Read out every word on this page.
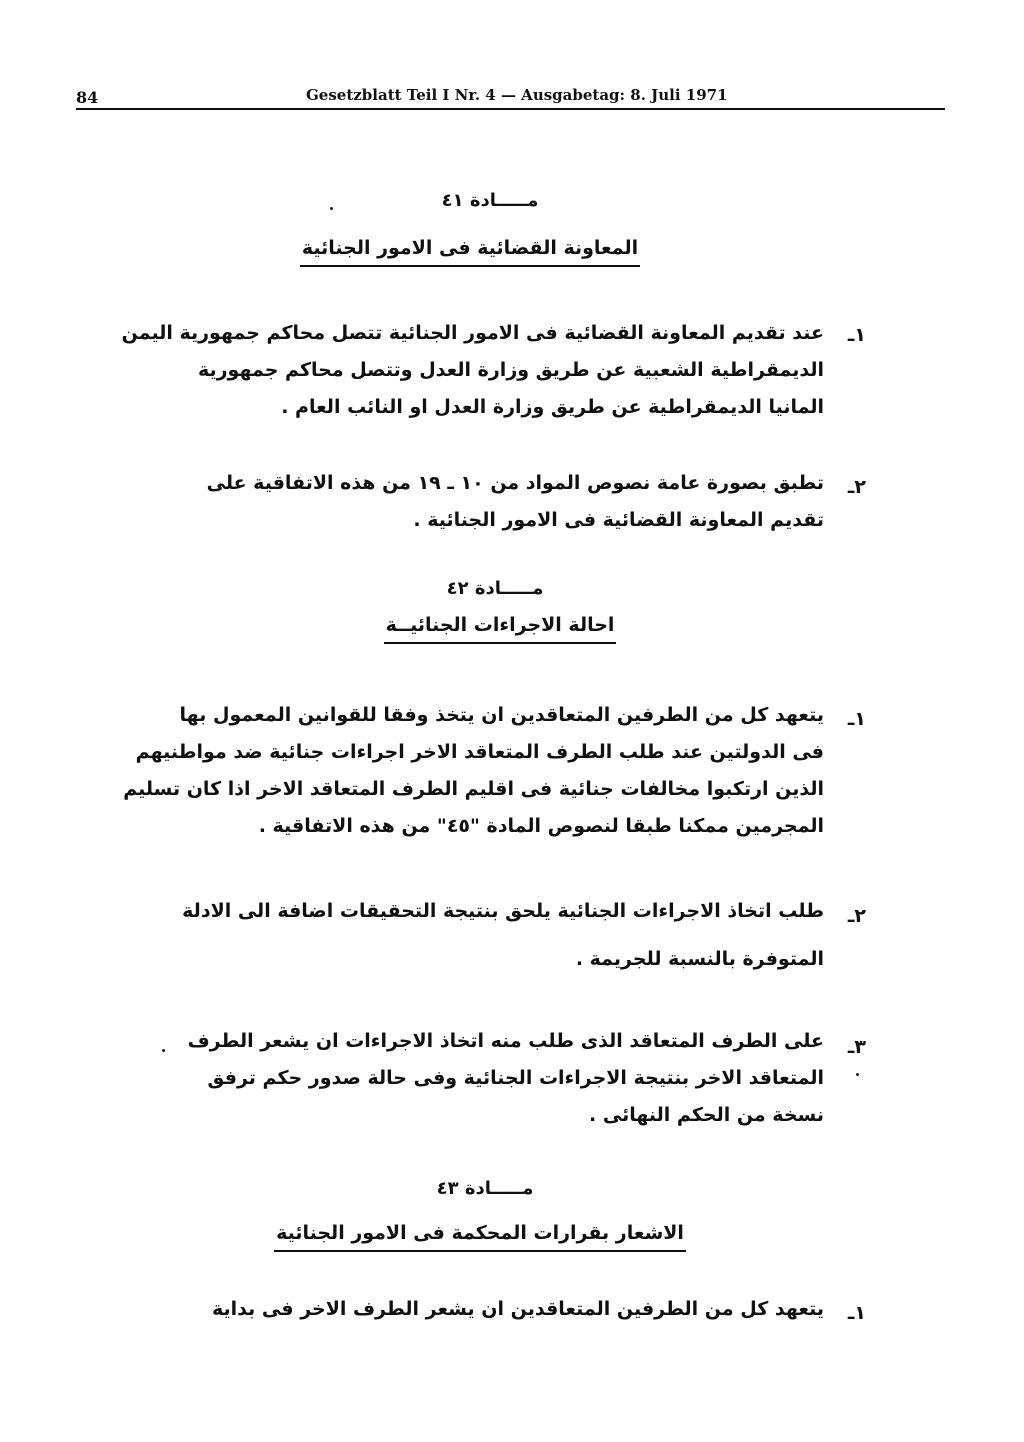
84	Gesetzblatt Teil I Nr. 4 — Ausgabetag: 8. Juli 1971
مـــــادة ٤١
المعاونة القضائية فى الامور الجنائية
١ـ
عند تقديم المعاونة القضائية فى الامور الجنائية تتصل محاكم جمهورية اليمن
الديمقراطية الشعبية عن طريق وزارة العدل وتتصل محاكم جمهورية
المانيا الديمقراطية عن طريق وزارة العدل او النائب العام .
٢ـ
تطبق بصورة عامة نصوص المواد من ١٠ ـ ١٩ من هذه الاتفاقية على
تقديم المعاونة القضائية فى الامور الجنائية .
مـــــادة ٤٢
احالة الاجراءات الجنائيــة
١ـ
يتعهد كل من الطرفين المتعاقدين ان يتخذ وفقا للقوانين المعمول بها
فى الدولتين عند طلب الطرف المتعاقد الاخر اجراءات جنائية ضد مواطنيهم
الذين ارتكبوا مخالفات جنائية فى اقليم الطرف المتعاقد الاخر اذا كان تسليم
المجرمين ممكنا طبقا لنصوص المادة "٤٥" من هذه الاتفاقية .
٢ـ
طلب اتخاذ الاجراءات الجنائية يلحق بنتيجة التحقيقات اضافة الى الادلة
المتوفرة بالنسبة للجريمة .
٣ـ
على الطرف المتعاقد الذى طلب منه اتخاذ الاجراءات ان يشعر الطرف
المتعاقد الاخر بنتيجة الاجراءات الجنائية وفى حالة صدور حكم ترفق
نسخة من الحكم النهائى .
مـــــادة ٤٣
الاشعار بقرارات المحكمة فى الامور الجنائية
١ـ
يتعهد كل من الطرفين المتعاقدين ان يشعر الطرف الاخر فى بداية
